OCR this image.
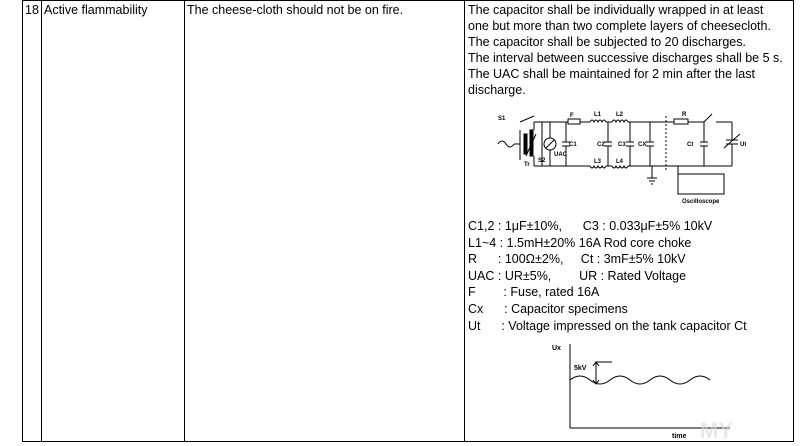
18 Active flammability	The cheese-cloth should not be on fire.	The capacitor shall be individually wrapped in at least
one but more than two complete layers of cheesecloth.
The capacitor shall be subjected to 20 discharges.
The interval between successive discharges shall be 5 s.
The UAC shall be maintained for 2 min after the last
discharge.
S1	F	L1 L2	R
C1	C2 C3 CX	Ct	Ut
UAC
S2
Tr	L3 L4
Oscilloscope
C1,2 : 1μF±10%,      C3 : 0.033μF±5% 10kV
L1~4 : 1.5mH±20% 16A Rod core choke
R : 100Ω±2%,     Ct : 3mF±5% 10kV
UAC : UR±5%,        UR : Rated Voltage
F : Fuse, rated 16A
Cx : Capacitor specimens
Ut : Voltage impressed on the tank capacitor Ct
Ux
5kV
time MY
